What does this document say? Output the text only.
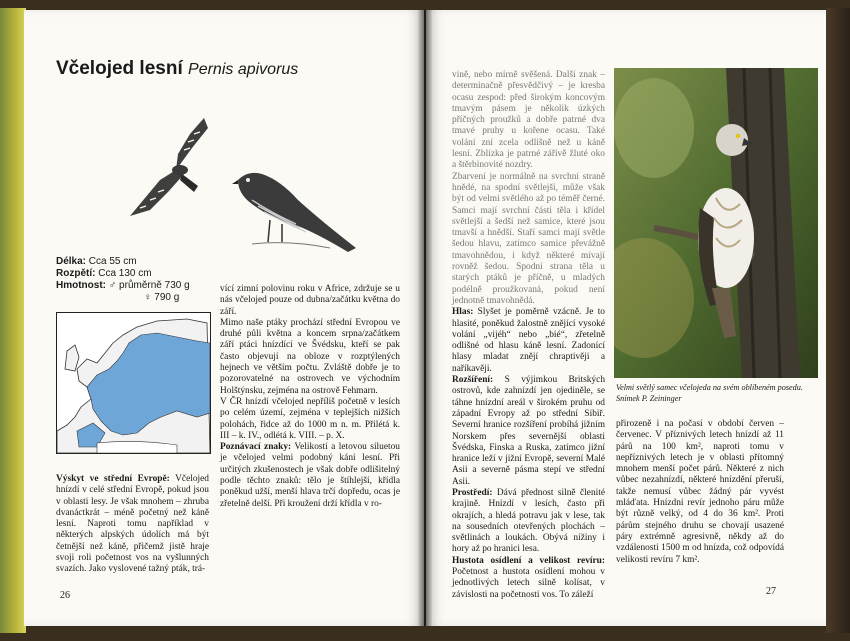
Včelojed lesní Pernis apivorus
Délka: Cca 55 cm
Rozpětí: Cca 130 cm
Hmotnost: ♂ průměrně 730 g
♀ 790 g

Výskyt ve střední Evropě: Včelojed hnízdí v celé střední Evropě, pokud jsou v oblasti lesy. Je však mnohem – zhruba dvanáctkrát – méně početný než káně lesní. Naproti tomu například v některých alpských údolích má být četnější než káně, přičemž jistě hraje svoji roli početnost vos na vyšlunných svazích. Jako vyslovené tažný pták, trá-

vící zimní polovinu roku v Africe, zdržuje se u nás včelojed pouze od dubna/začátku května do září.

Mimo naše ptáky prochází střední Evropou ve druhé půli května a koncem srpna/začátkem září ptáci hnízdící ve Švédsku, kteří se pak často objevují na obloze v rozptýlených hejnech ve větším počtu. Zvláště dobře je to pozorovatelné na ostrovech ve východním Holštýnsku, zejména na ostrově Fehmarn.

V ČR hnízdí včelojed nepříliš početně v lesích po celém území, zejména v teplejších nižších polohách, řidce až do 1000 m n. m. Přilétá k. III – k. IV., odlétá k. VIII. – p. X.

Poznávací znaky: Velikostí a letovou siluetou je včelojed velmi podobný káni lesní. Při určitých zkušenostech je však dobře odlišitelný podle těchto znaků: tělo je štíhlejší, křídla poněkud užší, menší hlava trčí dopředu, ocas je zřetelně delší. Při kroužení drží křídla v ro-

26

vině, nebo mírně svěšená. Další znak – determinačně přesvědčivý – je kresba ocasu zespod: před širokým koncovým tmavým pásem je několik úzkých příčných proužků a dobře patrné dva tmavé pruhy u kořene ocasu. Také volání zní zcela odlišně než u káně lesní. Zblízka je patrné zářivě žluté oko a štěrbinovité nozdry.

Zbarvení je normálně na svrchní straně hnědé, na spodní světlejší, může však být od velmi světlého až po téměř černé. Samci mají svrchní části těla i křídel světlejší a šedší než samice, které jsou tmavší a hnědší. Staří samci mají světle šedou hlavu, zatímco samice převážně tmavohnědou, i když některé mívají rovněž šedou. Spodní strana těla u starých ptáků je příčně, u mladých podélně proužkovaná, pokud není jednotně tmavohnědá.

Hlas: Slyšet je poměrně vzácně. Je to hlasité, poněkud žalostně znějící vysoké volání „vijéh“ nebo „bié“, zřetelně odlišné od hlasu káně lesní. Zadonící hlasy mladat znějí chraptivěji a naříkavěji.

Rozšíření: S výjimkou Britských ostrovů, kde zahnízdí jen ojediněle, se táhne hnízdní areál v širokém pruhu od západní Evropy až po střední Sibiř. Severní hranice rozšíření probíhá jižním Norskem přes severnější oblasti Švédska, Finska a Ruska, zatímco jižní hranice leží v jižní Evropě, severní Malé Asii a severně pásma stepí ve střední Asii.

Prostředí: Dává přednost silně členité krajině. Hnízdí v lesích, často při okrajích, a hledá potravu jak v lese, tak na sousedních otevřených plochách – světlinách a loukách. Obývá nížiny i hory až po hranici lesa.

Hustota osídlení a velikost revíru: Početnost a hustota osídlení mohou v jednotlivých letech silně kolísat, v závislosti na početnosti vos. To záleží

Velmi světlý samec včelojeda na svém oblíbeném posedu. Snímek P. Zeininger

přirozeně i na počasí v období červen – červenec. V příznivých letech hnízdí až 11 párů na 100 km², naproti tomu v nepříznivých letech je v oblasti přítomný mnohem menší počet párů. Některé z nich vůbec nezahnízdí, některé hnízdění přeruší, takže nemusí vůbec žádný pár vyvést mláďata. Hnízdní revír jednoho páru může být různě velký, od 4 do 36 km². Proti párům stejného druhu se chovají usazené páry extrémně agresivně, někdy až do vzdálenosti 1500 m od hnízda, což odpovídá velikosti revíru 7 km².

27
